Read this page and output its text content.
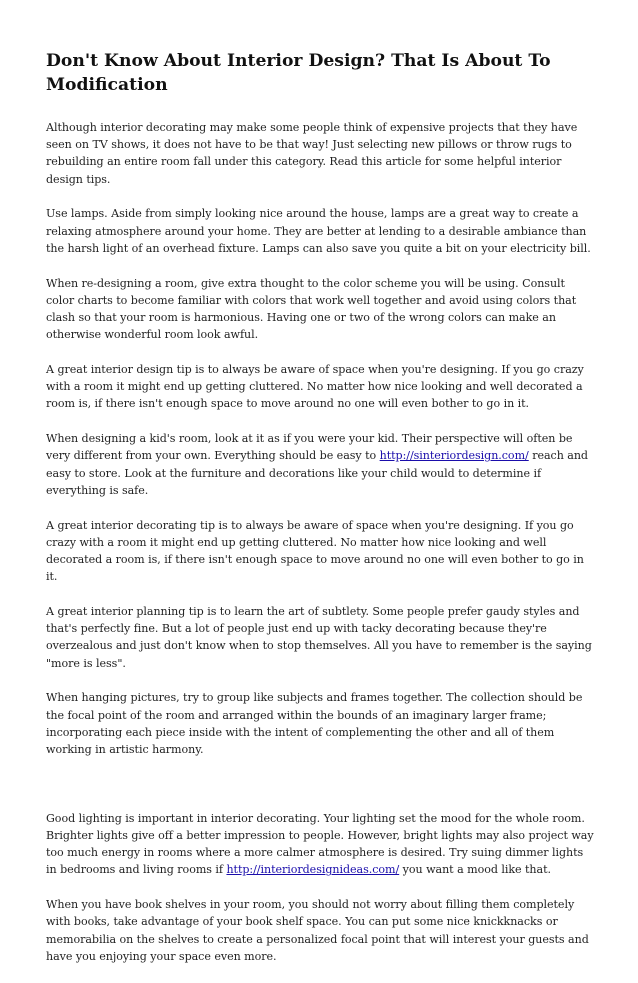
Don't Know About Interior Design? That Is About To Modification

Although interior decorating may make some people think of expensive projects that they have seen on TV shows, it does not have to be that way! Just selecting new pillows or throw rugs to rebuilding an entire room fall under this category. Read this article for some helpful interior design tips.

Use lamps. Aside from simply looking nice around the house, lamps are a great way to create a relaxing atmosphere around your home. They are better at lending to a desirable ambiance than the harsh light of an overhead fixture. Lamps can also save you quite a bit on your electricity bill.

When re-designing a room, give extra thought to the color scheme you will be using. Consult color charts to become familiar with colors that work well together and avoid using colors that clash so that your room is harmonious. Having one or two of the wrong colors can make an otherwise wonderful room look awful.

A great interior design tip is to always be aware of space when you're designing. If you go crazy with a room it might end up getting cluttered. No matter how nice looking and well decorated a room is, if there isn't enough space to move around no one will even bother to go in it.

When designing a kid's room, look at it as if you were your kid. Their perspective will often be very different from your own. Everything should be easy to http://sinteriordesign.com/ reach and easy to store. Look at the furniture and decorations like your child would to determine if everything is safe.

A great interior decorating tip is to always be aware of space when you're designing. If you go crazy with a room it might end up getting cluttered. No matter how nice looking and well decorated a room is, if there isn't enough space to move around no one will even bother to go in it.

A great interior planning tip is to learn the art of subtlety. Some people prefer gaudy styles and that's perfectly fine. But a lot of people just end up with tacky decorating because they're overzealous and just don't know when to stop themselves. All you have to remember is the saying "more is less".

When hanging pictures, try to group like subjects and frames together. The collection should be the focal point of the room and arranged within the bounds of an imaginary larger frame; incorporating each piece inside with the intent of complementing the other and all of them working in artistic harmony.

Good lighting is important in interior decorating. Your lighting set the mood for the whole room. Brighter lights give off a better impression to people. However, bright lights may also project way too much energy in rooms where a more calmer atmosphere is desired. Try suing dimmer lights in bedrooms and living rooms if http://interiordesignideas.com/ you want a mood like that.

When you have book shelves in your room, you should not worry about filling them completely with books, take advantage of your book shelf space. You can put some nice knickknacks or memorabilia on the shelves to create a personalized focal point that will interest your guests and have you enjoying your space even more.
